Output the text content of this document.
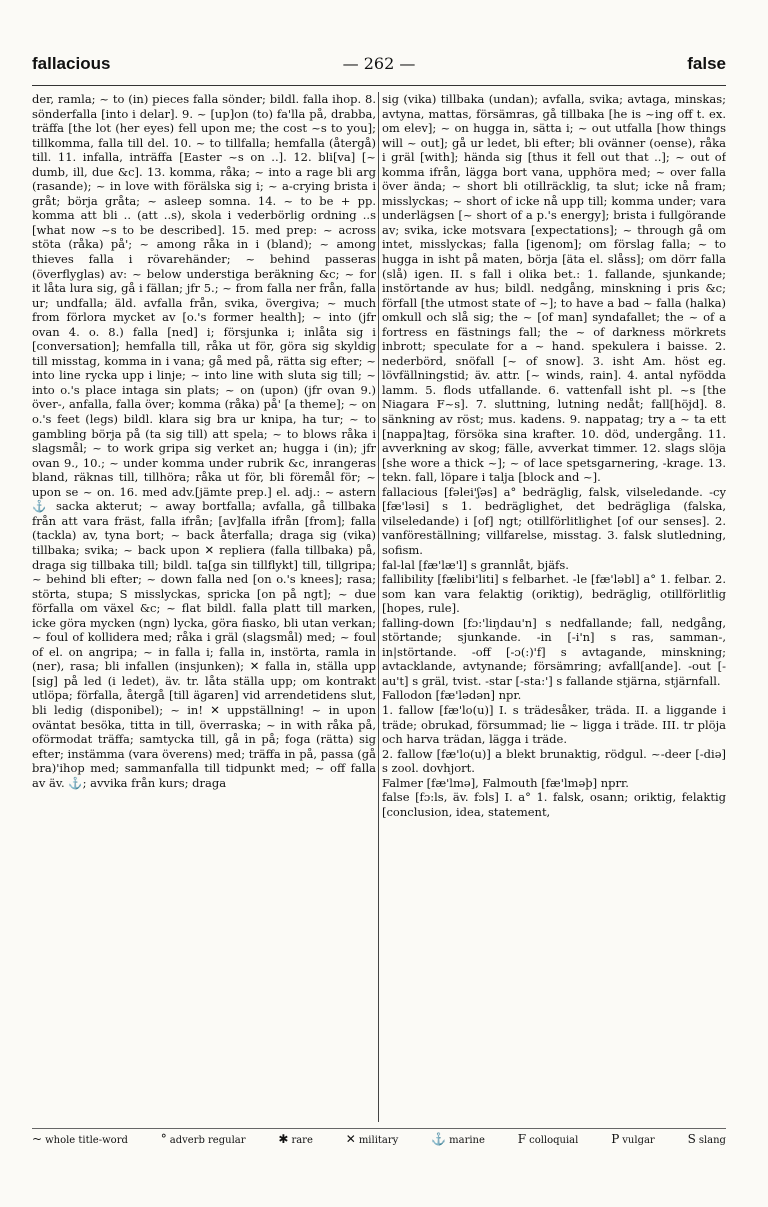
fallacious	— 262 —	false

der, ramla; ~ to (in) pieces falla sönder; bildl. falla ihop. 8. sönderfalla [into i delar]. 9. ~ [up]on (to) fa'lla på, drabba, träffa [the lot (her eyes) fell upon me; the cost ~s to you]; tillkomma, falla till del. 10. ~ to tillfalla; hemfalla (återgå) till. 11. infalla, inträffa [Easter ~s on ..]. 12. bli[va] [~ dumb, ill, due &c]. 13. komma, råka; ~ into a rage bli arg (rasande); ~ in love with förälska sig i; ~ a-crying brista i gråt; börja gråta; ~ asleep somna. 14. ~ to be + pp. komma att bli .. (att ..s), skola i vederbörlig ordning ..s [what now ~s to be described]. 15. med prep: ~ across stöta (råka) på'; ~ among råka in i (bland); ~ among thieves falla i rövarehänder; ~ behind passeras (överflyglas) av: ~ below understiga beräkning &c; ~ for it låta lura sig, gå i fällan; jfr 5.; ~ from falla ner från, falla ur; undfalla; äld. avfalla från, svika, övergiva; ~ much from förlora mycket av [o.'s former health]; ~ into (jfr ovan 4. o. 8.) falla [ned] i; försjunka i; inlåta sig i [conversation]; hemfalla till, råka ut för, göra sig skyldig till misstag, komma in i vana; gå med på, rätta sig efter; ~ into line rycka upp i linje; ~ into line with sluta sig till; ~ into o.'s place intaga sin plats; ~ on (upon) (jfr ovan 9.) över-, anfalla, falla över; komma (råka) på' [a theme]; ~ on o.'s feet (legs) bildl. klara sig bra ur knipa, ha tur; ~ to gambling börja på (ta sig till) att spela; ~ to blows råka i slagsmål; ~ to work gripa sig verket an; hugga i (in); jfr ovan 9., 10.; ~ under komma under rubrik &c, inrangeras bland, räknas till, tillhöra; råka ut för, bli föremål för; ~ upon se ~ on. 16. med adv.[jämte prep.] el. adj.: ~ astern ⚓ sacka akterut; ~ away bortfalla; avfalla, gå tillbaka från att vara fräst, falla ifrån; [av]falla ifrån [from]; falla (tackla) av, tyna bort; ~ back återfalla; draga sig (vika) tillbaka; svika; ~ back upon ✕ repliera (falla tillbaka) på, draga sig tillbaka till; bildl. ta[ga sin tillflykt] till, tillgripa; ~ behind bli efter; ~ down falla ned [on o.'s knees]; rasa; störta, stupa; S misslyckas, spricka [on på ngt]; ~ due förfalla om växel &c; ~ flat bildl. falla platt till marken, icke göra mycken (ngn) lycka, göra fiasko, bli utan verkan; ~ foul of kollidera med; råka i gräl (slagsmål) med; ~ foul of el. on angripa; ~ in falla i; falla in, instörta, ramla in (ner), rasa; bli infallen (insjunken); ✕ falla in, ställa upp [sig] på led (i ledet), äv. tr. låta ställa upp; om kontrakt utlöpa; förfalla, återgå [till ägaren] vid arrendetidens slut, bli ledig (disponibel); ~ in! ✕ uppställning! ~ in upon oväntat besöka, titta in till, överraska; ~ in with råka på, oförmodat träffa; samtycka till, gå in på; foga (rätta) sig efter; instämma (vara överens) med; träffa in på, passa (gå bra)'ihop med; sammanfalla till tidpunkt med; ~ off falla av äv. ⚓; avvika från kurs; draga

sig (vika) tillbaka (undan); avfalla, svika; avtaga, minskas; avtyna, mattas, försämras, gå tillbaka [he is ~ing off t. ex. om elev]; ~ on hugga in, sätta i; ~ out utfalla [how things will ~ out]; gå ur ledet, bli efter; bli ovänner (oense), råka i gräl [with]; hända sig [thus it fell out that ..]; ~ out of komma ifrån, lägga bort vana, upphöra med; ~ over falla över ända; ~ short bli otillräcklig, ta slut; icke nå fram; misslyckas; ~ short of icke nå upp till; komma under; vara underlägsen [~ short of a p.'s energy]; brista i fullgörande av; svika, icke motsvara [expectations]; ~ through gå om intet, misslyckas; falla [igenom]; om förslag falla; ~ to hugga in isht på maten, börja [äta el. slåss]; om dörr falla (slå) igen. II. s fall i olika bet.: 1. fallande, sjunkande; instörtande av hus; bildl. nedgång, minskning i pris &c; förfall [the utmost state of ~]; to have a bad ~ falla (halka) omkull och slå sig; the ~ [of man] syndafallet; the ~ of a fortress en fästnings fall; the ~ of darkness mörkrets inbrott; speculate for a ~ hand. spekulera i baisse. 2. nederbörd, snöfall [~ of snow]. 3. isht Am. höst eg. lövfällningstid; äv. attr. [~ winds, rain]. 4. antal nyfödda lamm. 5. flods utfallande. 6. vattenfall isht pl. ~s [the Niagara F~s]. 7. sluttning, lutning nedåt; fall[höjd]. 8. sänkning av röst; mus. kadens. 9. nappatag; try a ~ ta ett [nappa]tag, försöka sina krafter. 10. död, undergång. 11. avverkning av skog; fälle, avverkat timmer. 12. slags slöja [she wore a thick ~]; ~ of lace spetsgarnering, -krage. 13. tekn. fall, löpare i talja [block and ~].

fallacious [fəlei'ʃəs] a° bedräglig, falsk, vilseledande. -cy [fæ'ləsi] s 1. bedräglighet, det bedrägliga (falska, vilseledande) i [of] ngt; otillförlitlighet [of our senses]. 2. vanföreställning; villfarelse, misstag. 3. falsk slutledning, sofism.

fal-lal [fæ'læ'l] s grannlåt, bjäfs.

fallibility [fælibi'liti] s felbarhet. -le [fæ'ləbl] a° 1. felbar. 2. som kan vara felaktig (oriktig), bedräglig, otillförlitlig [hopes, rule].

falling-down [fɔ:'liŋdau'n] s nedfallande; fall, nedgång, störtande; sjunkande. -in [-i'n] s ras, samman-, in|störtande. -off [-ɔ(:)'f] s avtagande, minskning; avtacklande, avtynande; försämring; avfall[ande]. -out [-au't] s gräl, tvist. -star [-sta:'] s fallande stjärna, stjärnfall.

Fallodon [fæ'lədən] npr.

1. fallow [fæ'lo(u)] I. s trädesåker, träda. II. a liggande i träde; obrukad, försummad; lie ~ ligga i träde. III. tr plöja och harva trädan, lägga i träde.

2. fallow [fæ'lo(u)] a blekt brunaktig, rödgul. ~-deer [-diə] s zool. dovhjort.

Falmer [fæ'lmə], Falmouth [fæ'lməþ] nprr.

false [fɔ:ls, äv. fɔls] I. a° 1. falsk, osann; oriktig, felaktig [conclusion, idea, statement,

~ whole title-word	° adverb regular	✱ rare	✕ military	⚓ marine	F colloquial	P vulgar	S slang
